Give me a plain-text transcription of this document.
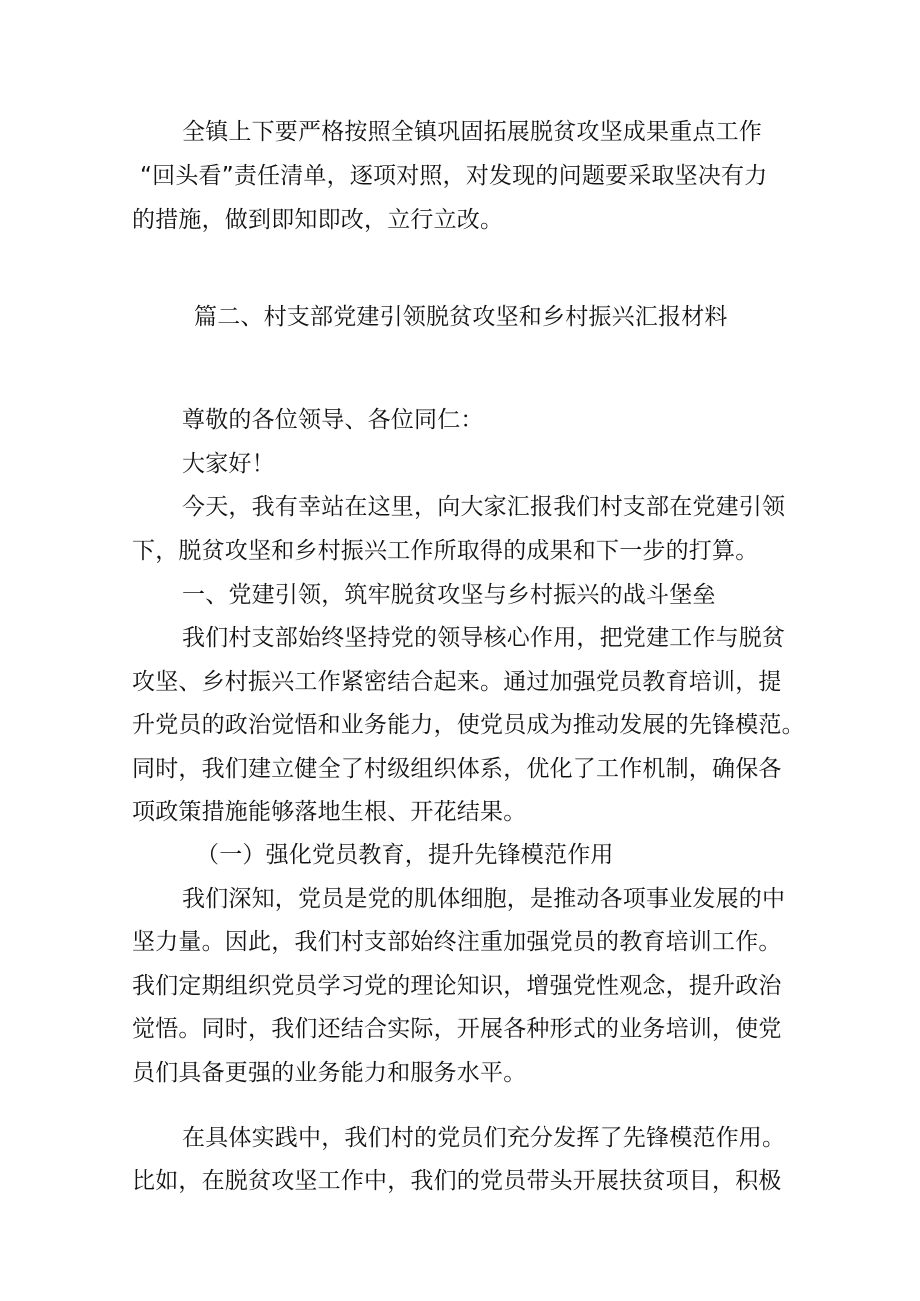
全镇上下要严格按照全镇巩固拓展脱贫攻坚成果重点工作
“回头看”责任清单，逐项对照，对发现的问题要采取坚决有力
的措施，做到即知即改，立行立改。
篇二、村支部党建引领脱贫攻坚和乡村振兴汇报材料
尊敬的各位领导、各位同仁：
大家好！
今天，我有幸站在这里，向大家汇报我们村支部在党建引领
下，脱贫攻坚和乡村振兴工作所取得的成果和下一步的打算。
一、党建引领，筑牢脱贫攻坚与乡村振兴的战斗堡垒
我们村支部始终坚持党的领导核心作用，把党建工作与脱贫
攻坚、乡村振兴工作紧密结合起来。通过加强党员教育培训，提
升党员的政治觉悟和业务能力，使党员成为推动发展的先锋模范。
同时，我们建立健全了村级组织体系，优化了工作机制，确保各
项政策措施能够落地生根、开花结果。
（一）强化党员教育，提升先锋模范作用
我们深知，党员是党的肌体细胞，是推动各项事业发展的中
坚力量。因此，我们村支部始终注重加强党员的教育培训工作。
我们定期组织党员学习党的理论知识，增强党性观念，提升政治
觉悟。同时，我们还结合实际，开展各种形式的业务培训，使党
员们具备更强的业务能力和服务水平。
在具体实践中，我们村的党员们充分发挥了先锋模范作用。
比如，在脱贫攻坚工作中，我们的党员带头开展扶贫项目，积极
